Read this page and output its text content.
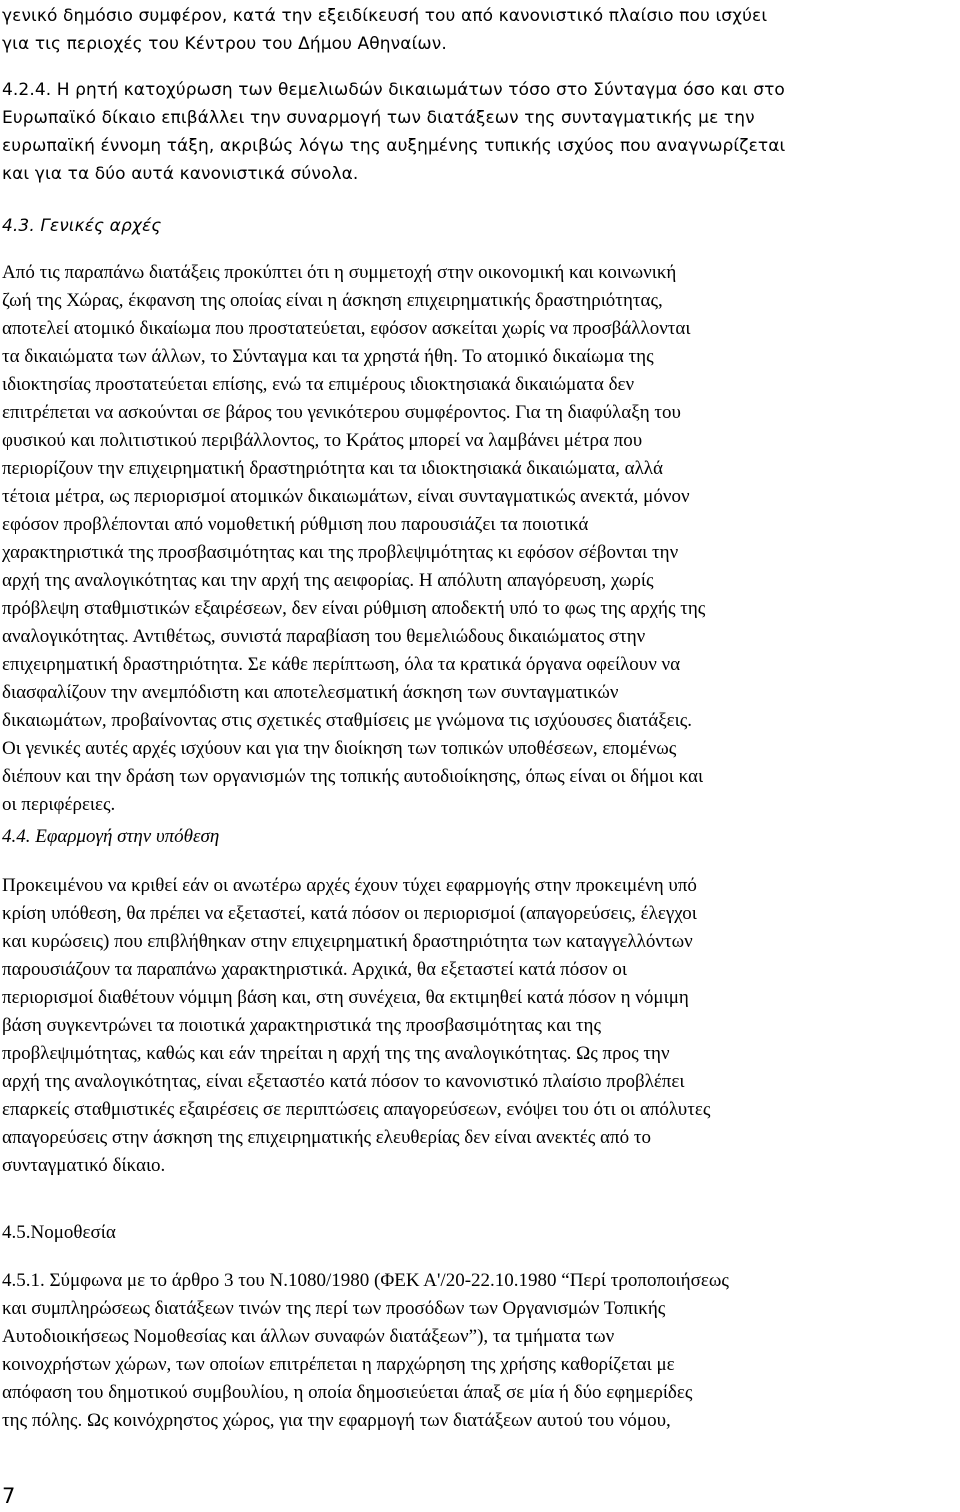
γενικό δημόσιο συμφέρον, κατά την εξειδίκευσή του από κανονιστικό πλαίσιο που ισχύει
για τις περιοχές του Κέντρου του Δήμου Αθηναίων.
4.2.4. Η ρητή κατοχύρωση των θεμελιωδών δικαιωμάτων τόσο στο Σύνταγμα όσο και στο
Ευρωπαϊκό δίκαιο επιβάλλει την συναρμογή των διατάξεων της συνταγματικής με την
ευρωπαϊκή έννομη τάξη, ακριβώς λόγω της αυξημένης τυπικής ισχύος που αναγνωρίζεται
και για τα δύο αυτά κανονιστικά σύνολα.
4.3. Γενικές αρχές
Από τις παραπάνω διατάξεις προκύπτει ότι η συμμετοχή στην οικονομική και κοινωνική
ζωή της Χώρας, έκφανση της οποίας είναι η άσκηση επιχειρηματικής δραστηριότητας,
αποτελεί ατομικό δικαίωμα που προστατεύεται, εφόσον ασκείται χωρίς να προσβάλλονται
τα δικαιώματα των άλλων, το Σύνταγμα και τα χρηστά ήθη. Το ατομικό δικαίωμα της
ιδιοκτησίας προστατεύεται επίσης, ενώ τα επιμέρους ιδιοκτησιακά δικαιώματα δεν
επιτρέπεται να ασκούνται σε βάρος του γενικότερου συμφέροντος. Για τη διαφύλαξη του
φυσικού και πολιτιστικού περιβάλλοντος, το Κράτος μπορεί να λαμβάνει μέτρα που
περιορίζουν την επιχειρηματική δραστηριότητα και τα ιδιοκτησιακά δικαιώματα, αλλά
τέτοια μέτρα, ως περιορισμοί ατομικών δικαιωμάτων, είναι συνταγματικώς ανεκτά, μόνον
εφόσον προβλέπονται από νομοθετική ρύθμιση που παρουσιάζει τα ποιοτικά
χαρακτηριστικά της προσβασιμότητας και της προβλεψιμότητας κι εφόσον σέβονται την
αρχή της αναλογικότητας και την αρχή της αειφορίας. Η απόλυτη απαγόρευση, χωρίς
πρόβλεψη σταθμιστικών εξαιρέσεων, δεν είναι ρύθμιση αποδεκτή υπό το φως της αρχής της
αναλογικότητας. Αντιθέτως, συνιστά παραβίαση του θεμελιώδους δικαιώματος στην
επιχειρηματική δραστηριότητα. Σε κάθε περίπτωση, όλα τα κρατικά όργανα οφείλουν να
διασφαλίζουν την ανεμπόδιστη και αποτελεσματική άσκηση των συνταγματικών
δικαιωμάτων, προβαίνοντας στις σχετικές σταθμίσεις με γνώμονα τις ισχύουσες διατάξεις.
Οι γενικές αυτές αρχές ισχύουν και για την διοίκηση των τοπικών υποθέσεων, επομένως
διέπουν και την δράση των οργανισμών της τοπικής αυτοδιοίκησης, όπως είναι οι δήμοι και
οι περιφέρειες.
4.4. Εφαρμογή στην υπόθεση
Προκειμένου να κριθεί εάν οι ανωτέρω αρχές έχουν τύχει εφαρμογής στην προκειμένη υπό
κρίση υπόθεση, θα πρέπει να εξεταστεί, κατά πόσον οι περιορισμοί (απαγορεύσεις, έλεγχοι
και κυρώσεις) που επιβλήθηκαν στην επιχειρηματική δραστηριότητα των καταγγελλόντων
παρουσιάζουν τα παραπάνω χαρακτηριστικά. Αρχικά, θα εξεταστεί κατά πόσον οι
περιορισμοί διαθέτουν νόμιμη βάση και, στη συνέχεια, θα εκτιμηθεί κατά πόσον η νόμιμη
βάση συγκεντρώνει τα ποιοτικά χαρακτηριστικά της προσβασιμότητας και της
προβλεψιμότητας, καθώς και εάν τηρείται η αρχή της της αναλογικότητας. Ως προς την
αρχή της αναλογικότητας, είναι εξεταστέο κατά πόσον το κανονιστικό πλαίσιο προβλέπει
επαρκείς σταθμιστικές εξαιρέσεις σε περιπτώσεις απαγορεύσεων, ενόψει του ότι οι απόλυτες
απαγορεύσεις στην άσκηση της επιχειρηματικής ελευθερίας δεν είναι ανεκτές από το
συνταγματικό δίκαιο.
4.5.Νομοθεσία
4.5.1. Σύμφωνα με το άρθρο 3 του Ν.1080/1980 (ΦΕΚ Α'/20-22.10.1980 “Περί τροποποιήσεως
και συμπληρώσεως διατάξεων τινών της περί των προσόδων των Οργανισμών Τοπικής
Αυτοδιοικήσεως Νομοθεσίας και άλλων συναφών διατάξεων”), τα τμήματα των
κοινοχρήστων χώρων, των οποίων επιτρέπεται η παρχώρηση της χρήσης καθορίζεται με
απόφαση του δημοτικού συμβουλίου, η οποία δημοσιεύεται άπαξ σε μία ή δύο εφημερίδες
της πόλης. Ως κοινόχρηστος χώρος, για την εφαρμογή των διατάξεων αυτού του νόμου,
7
